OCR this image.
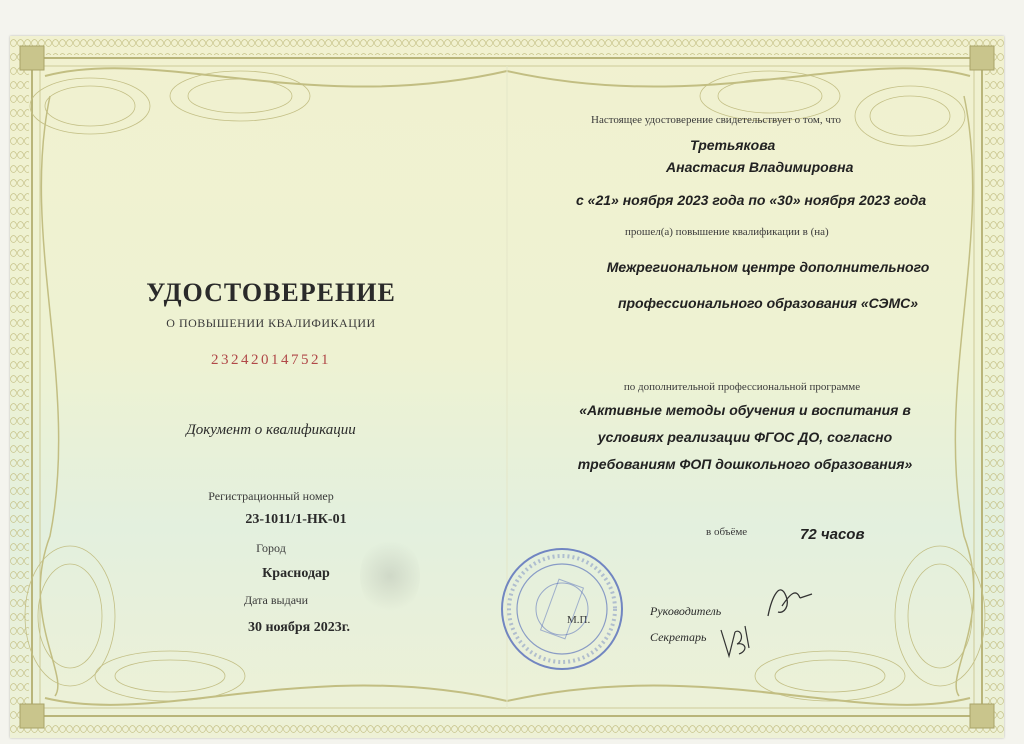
УДОСТОВЕРЕНИЕ
О ПОВЫШЕНИИ КВАЛИФИКАЦИИ
232420147521
Документ о квалификации
Регистрационный номер
23-1011/1-НК-01
Город
Краснодар
Дата выдачи
30 ноября 2023г.
Настоящее удостоверение свидетельствует о том, что
Третьякова
Анастасия Владимировна
с «21» ноября 2023 года по «30» ноября 2023 года
прошел(а) повышение квалификации в (на)
Межрегиональном центре дополнительного
профессионального образования «СЭМС»
по дополнительной профессиональной программе
«Активные методы обучения и воспитания в
условиях реализации ФГОС ДО, согласно
требованиям ФОП дошкольного образования»
в объёме	72 часов
М.П.
Руководитель
Секретарь
